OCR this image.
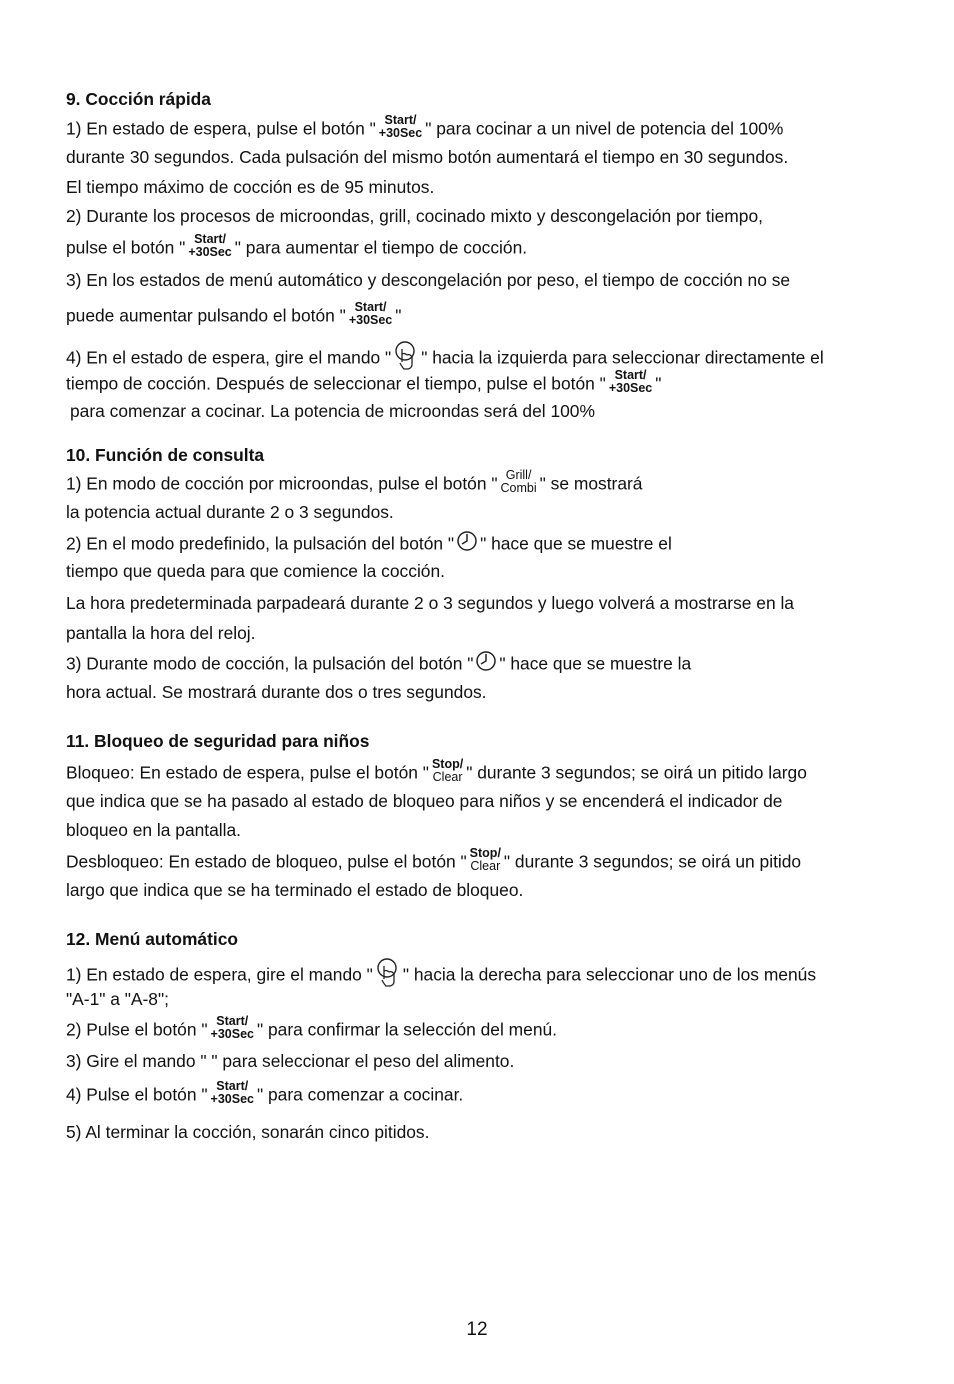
9. Cocción rápida
1) En estado de espera, pulse el botón " Start/
+30Sec " para cocinar a un nivel de potencia del 100%
durante 30 segundos. Cada pulsación del mismo botón aumentará el tiempo en 30 segundos.
El tiempo máximo de cocción es de 95 minutos.
2) Durante los procesos de microondas, grill, cocinado mixto y descongelación por tiempo,
pulse el botón " Start/
+30Sec " para aumentar el tiempo de cocción.
3) En los estados de menú automático y descongelación por peso, el tiempo de cocción no se
puede aumentar pulsando el botón " Start/
+30Sec "
4) En el estado de espera, gire el mando " " hacia la izquierda para seleccionar directamente el
tiempo de cocción. Después de seleccionar el tiempo, pulse el botón " Start/
+30Sec "
para comenzar a cocinar. La potencia de microondas será del 100%
10. Función de consulta
1) En modo de cocción por microondas, pulse el botón " Grill/
Combi " se mostrará
la potencia actual durante 2 o 3 segundos.
2) En el modo predefinido, la pulsación del botón " " hace que se muestre el
tiempo que queda para que comience la cocción.
La hora predeterminada parpadeará durante 2 o 3 segundos y luego volverá a mostrarse en la
pantalla la hora del reloj.
3) Durante modo de cocción, la pulsación del botón " " hace que se muestre la
hora actual. Se mostrará durante dos o tres segundos.
11. Bloqueo de seguridad para niños
Bloqueo: En estado de espera, pulse el botón " Stop/
Clear " durante 3 segundos; se oirá un pitido largo
que indica que se ha pasado al estado de bloqueo para niños y se encenderá el indicador de
bloqueo en la pantalla.
Desbloqueo: En estado de bloqueo, pulse el botón " Stop/
Clear " durante 3 segundos; se oirá un pitido
largo que indica que se ha terminado el estado de bloqueo.
12. Menú automático
1) En estado de espera, gire el mando " " hacia la derecha para seleccionar uno de los menús
"A-1" a "A-8";
2) Pulse el botón " Start/
+30Sec " para confirmar la selección del menú.
3) Gire el mando " " para seleccionar el peso del alimento.
4) Pulse el botón " Start/
+30Sec " para comenzar a cocinar.
5) Al terminar la cocción, sonarán cinco pitidos.
12
